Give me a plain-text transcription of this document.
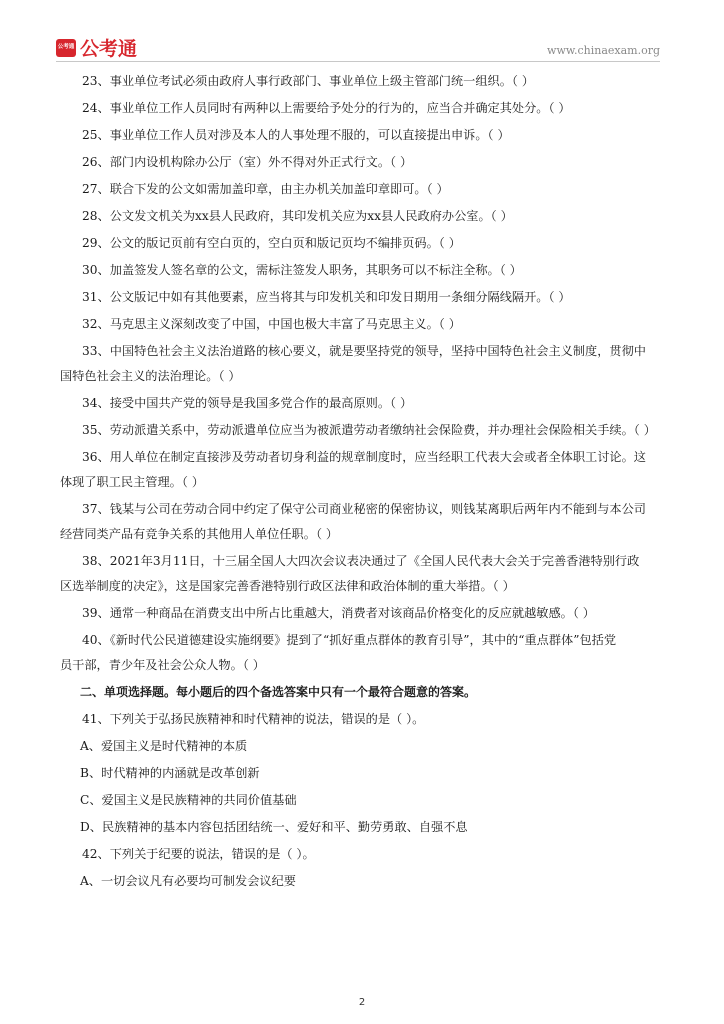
公考通 公考通	www.chinaexam.org

23、事业单位考试必须由政府人事行政部门、事业单位上级主管部门统一组织。（ ）

24、事业单位工作人员同时有两种以上需要给予处分的行为的，应当合并确定其处分。（ ）

25、事业单位工作人员对涉及本人的人事处理不服的，可以直接提出申诉。（ ）

26、部门内设机构除办公厅（室）外不得对外正式行文。（ ）

27、联合下发的公文如需加盖印章，由主办机关加盖印章即可。（ ）

28、公文发文机关为xx县人民政府，其印发机关应为xx县人民政府办公室。（ ）

29、公文的版记页前有空白页的，空白页和版记页均不编排页码。（ ）

30、加盖签发人签名章的公文，需标注签发人职务，其职务可以不标注全称。（ ）

31、公文版记中如有其他要素，应当将其与印发机关和印发日期用一条细分隔线隔开。（ ）

32、马克思主义深刻改变了中国，中国也极大丰富了马克思主义。（ ）

33、中国特色社会主义法治道路的核心要义，就是要坚持党的领导，坚持中国特色社会主义制度，贯彻中
国特色社会主义的法治理论。（ ）

34、接受中国共产党的领导是我国多党合作的最高原则。（ ）

35、劳动派遣关系中，劳动派遣单位应当为被派遣劳动者缴纳社会保险费，并办理社会保险相关手续。（ ）

36、用人单位在制定直接涉及劳动者切身利益的规章制度时，应当经职工代表大会或者全体职工讨论。这
体现了职工民主管理。（ ）
37、钱某与公司在劳动合同中约定了保守公司商业秘密的保密协议，则钱某离职后两年内不能到与本公司
经营同类产品有竞争关系的其他用人单位任职。（ ）
38、2021年3月11日，十三届全国人大四次会议表决通过了《全国人民代表大会关于完善香港特别行政
区选举制度的决定》，这是国家完善香港特别行政区法律和政治体制的重大举措。（ ）

39、通常一种商品在消费支出中所占比重越大，消费者对该商品价格变化的反应就越敏感。（ ）

40、《新时代公民道德建设实施纲要》提到了“抓好重点群体的教育引导”，其中的“重点群体”包括党
员干部，青少年及社会公众人物。（ ）
二、单项选择题。每小题后的四个备选答案中只有一个最符合题意的答案。

41、下列关于弘扬民族精神和时代精神的说法，错误的是（ ）。

A、爱国主义是时代精神的本质

B、时代精神的内涵就是改革创新

C、爱国主义是民族精神的共同价值基础

D、民族精神的基本内容包括团结统一、爱好和平、勤劳勇敢、自强不息

42、下列关于纪要的说法，错误的是（ ）。

A、一切会议凡有必要均可制发会议纪要

2
